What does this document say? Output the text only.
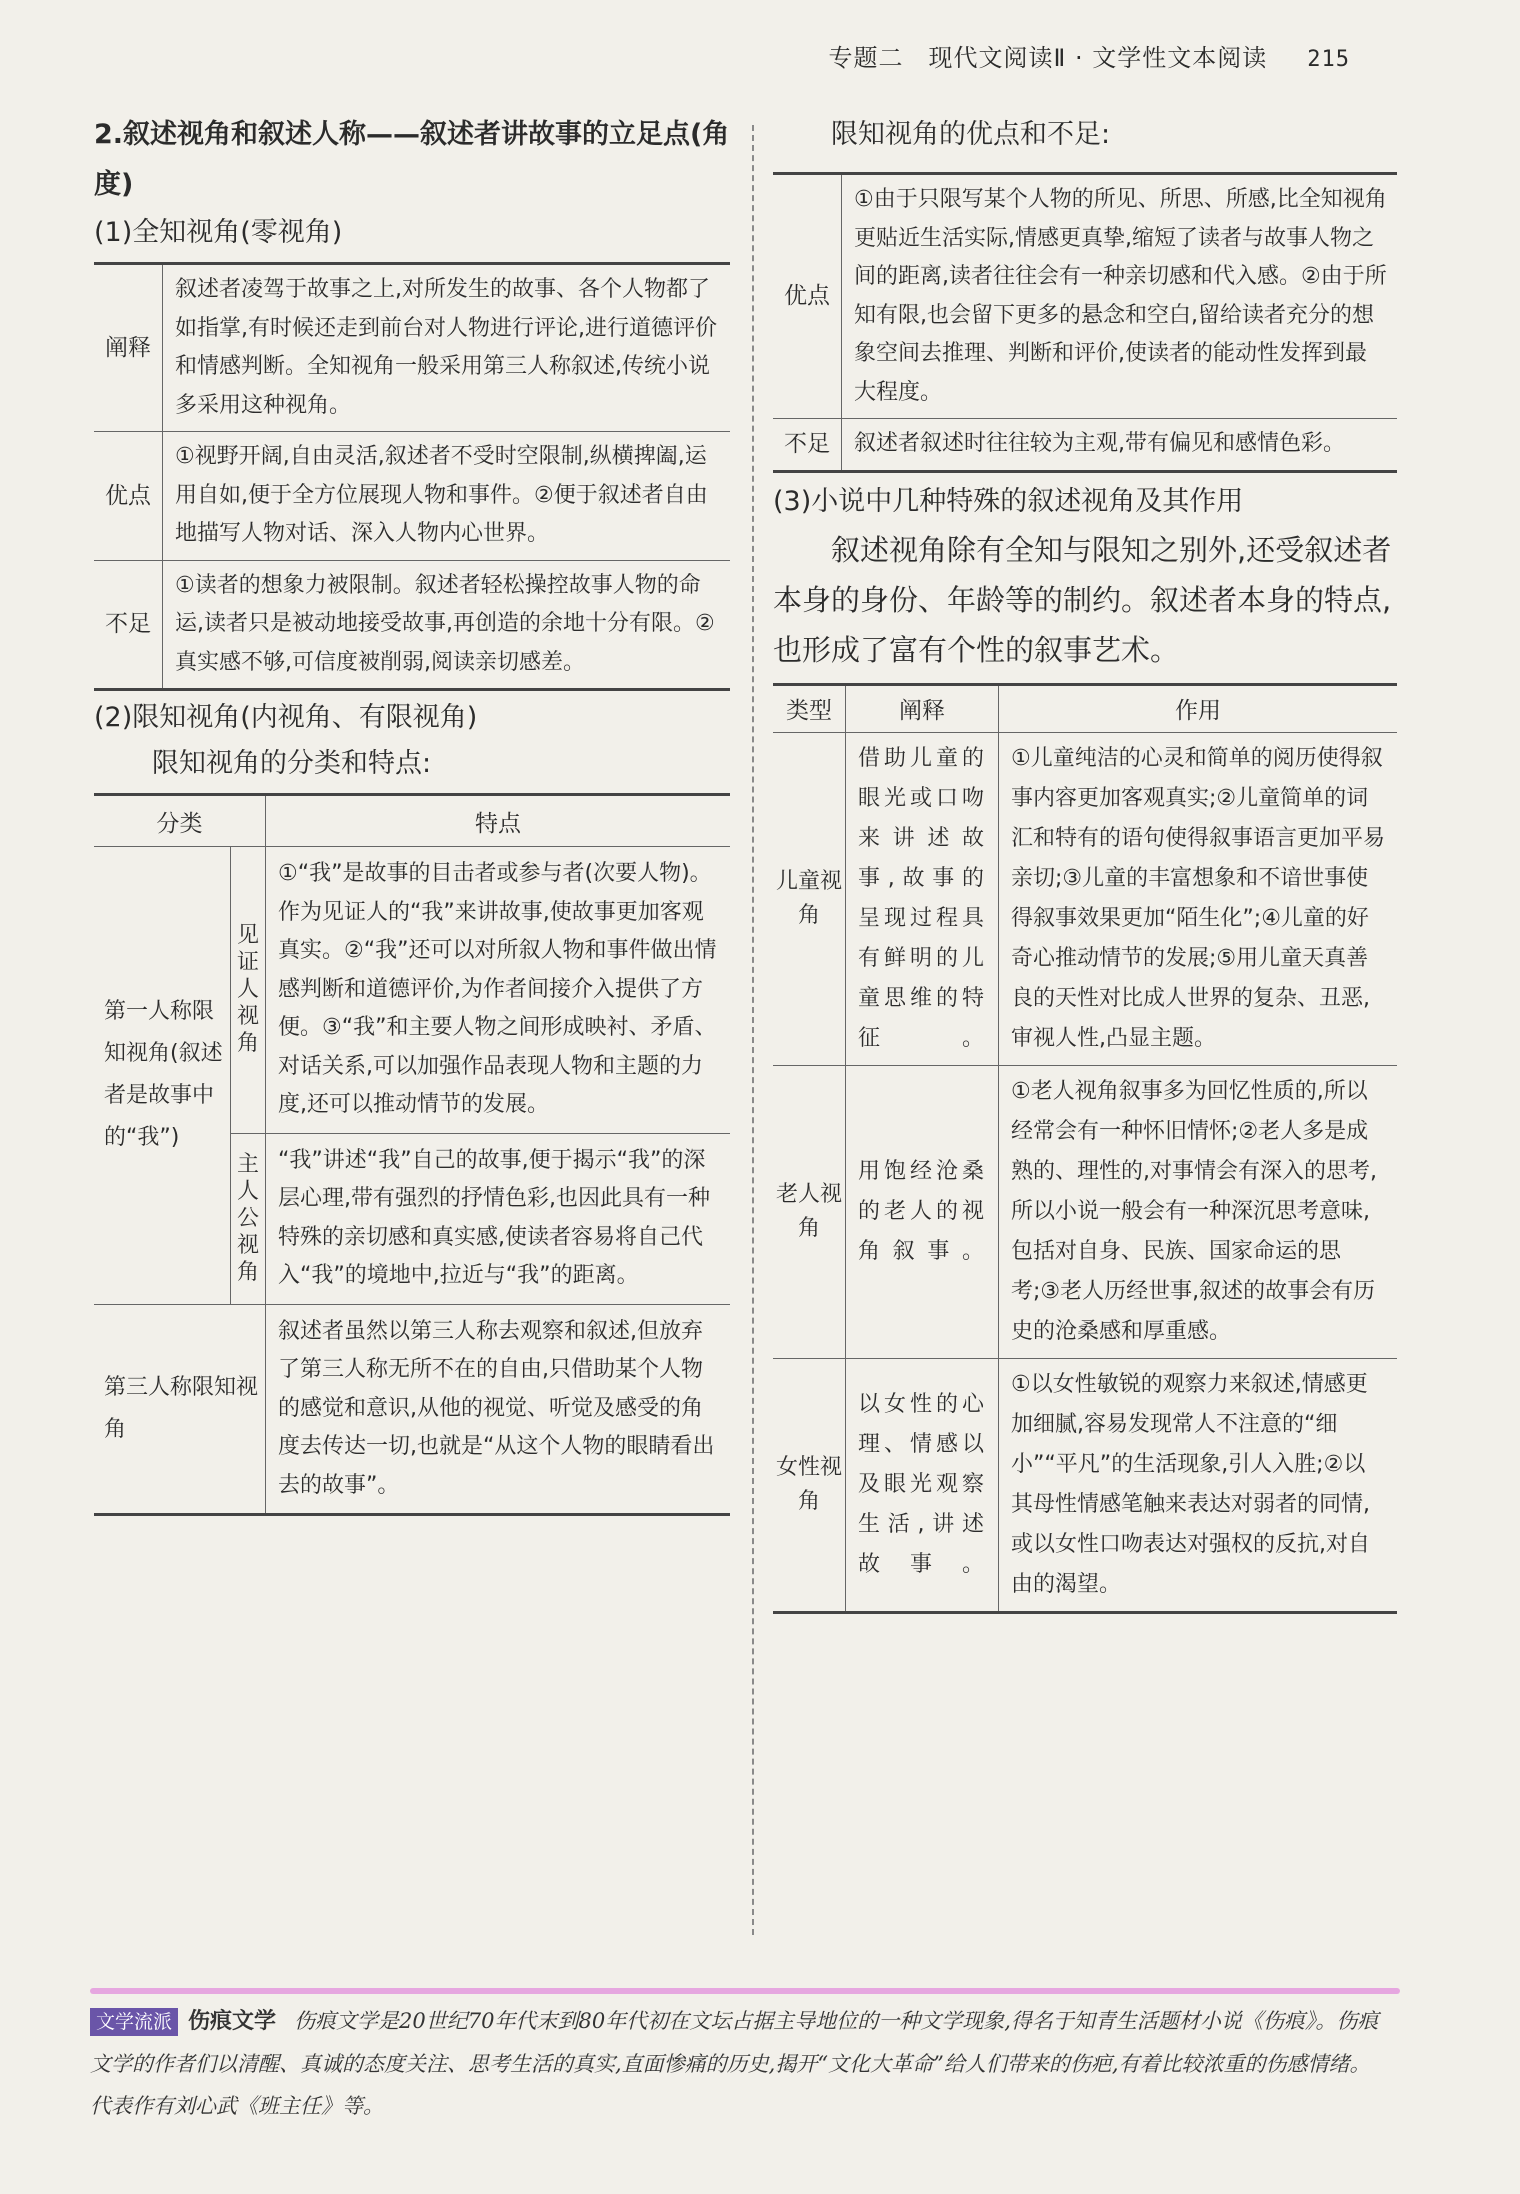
专题二　现代文阅读Ⅱ · 文学性文本阅读 215

2.叙述视角和叙述人称——叙述者讲故事的立足点(角度)

(1)全知视角(零视角)

阐释	叙述者凌驾于故事之上,对所发生的故事、各个人物都了如指掌,有时候还走到前台对人物进行评论,进行道德评价和情感判断。全知视角一般采用第三人称叙述,传统小说多采用这种视角。
优点	①视野开阔,自由灵活,叙述者不受时空限制,纵横捭阖,运用自如,便于全方位展现人物和事件。②便于叙述者自由地描写人物对话、深入人物内心世界。
不足	①读者的想象力被限制。叙述者轻松操控故事人物的命运,读者只是被动地接受故事,再创造的余地十分有限。②真实感不够,可信度被削弱,阅读亲切感差。

(2)限知视角(内视角、有限视角)

限知视角的分类和特点:

分类		特点
第一人称限知视角(叙述者是故事中的“我”)	见证人视角	①“我”是故事的目击者或参与者(次要人物)。作为见证人的“我”来讲故事,使故事更加客观真实。②“我”还可以对所叙人物和事件做出情感判断和道德评价,为作者间接介入提供了方便。③“我”和主要人物之间形成映衬、矛盾、对话关系,可以加强作品表现人物和主题的力度,还可以推动情节的发展。
	主人公视角	“我”讲述“我”自己的故事,便于揭示“我”的深层心理,带有强烈的抒情色彩,也因此具有一种特殊的亲切感和真实感,使读者容易将自己代入“我”的境地中,拉近与“我”的距离。
第三人称限知视角		叙述者虽然以第三人称去观察和叙述,但放弃了第三人称无所不在的自由,只借助某个人物的感觉和意识,从他的视觉、听觉及感受的角度去传达一切,也就是“从这个人物的眼睛看出去的故事”。

限知视角的优点和不足:

优点	①由于只限写某个人物的所见、所思、所感,比全知视角更贴近生活实际,情感更真挚,缩短了读者与故事人物之间的距离,读者往往会有一种亲切感和代入感。②由于所知有限,也会留下更多的悬念和空白,留给读者充分的想象空间去推理、判断和评价,使读者的能动性发挥到最大程度。
不足	叙述者叙述时往往较为主观,带有偏见和感情色彩。

(3)小说中几种特殊的叙述视角及其作用

叙述视角除有全知与限知之别外,还受叙述者本身的身份、年龄等的制约。叙述者本身的特点,也形成了富有个性的叙事艺术。

类型	阐释	作用
儿童视角	借助儿童的眼光或口吻来讲述故事,故事的呈现过程具有鲜明的儿童思维的特征。	①儿童纯洁的心灵和简单的阅历使得叙事内容更加客观真实;②儿童简单的词汇和特有的语句使得叙事语言更加平易亲切;③儿童的丰富想象和不谙世事使得叙事效果更加“陌生化”;④儿童的好奇心推动情节的发展;⑤用儿童天真善良的天性对比成人世界的复杂、丑恶,审视人性,凸显主题。
老人视角	用饱经沧桑的老人的视角叙事。	①老人视角叙事多为回忆性质的,所以经常会有一种怀旧情怀;②老人多是成熟的、理性的,对事情会有深入的思考,所以小说一般会有一种深沉思考意味,包括对自身、民族、国家命运的思考;③老人历经世事,叙述的故事会有历史的沧桑感和厚重感。
女性视角	以女性的心理、情感以及眼光观察生活,讲述故事。	①以女性敏锐的观察力来叙述,情感更加细腻,容易发现常人不注意的“细小”“平凡”的生活现象,引人入胜;②以其母性情感笔触来表达对弱者的同情,或以女性口吻表达对强权的反抗,对自由的渴望。
文学流派 伤痕文学 伤痕文学是20世纪70年代末到80年代初在文坛占据主导地位的一种文学现象,得名于知青生活题材小说《伤痕》。伤痕文学的作者们以清醒、真诚的态度关注、思考生活的真实,直面惨痛的历史,揭开“文化大革命”给人们带来的伤疤,有着比较浓重的伤感情绪。代表作有刘心武《班主任》等。
